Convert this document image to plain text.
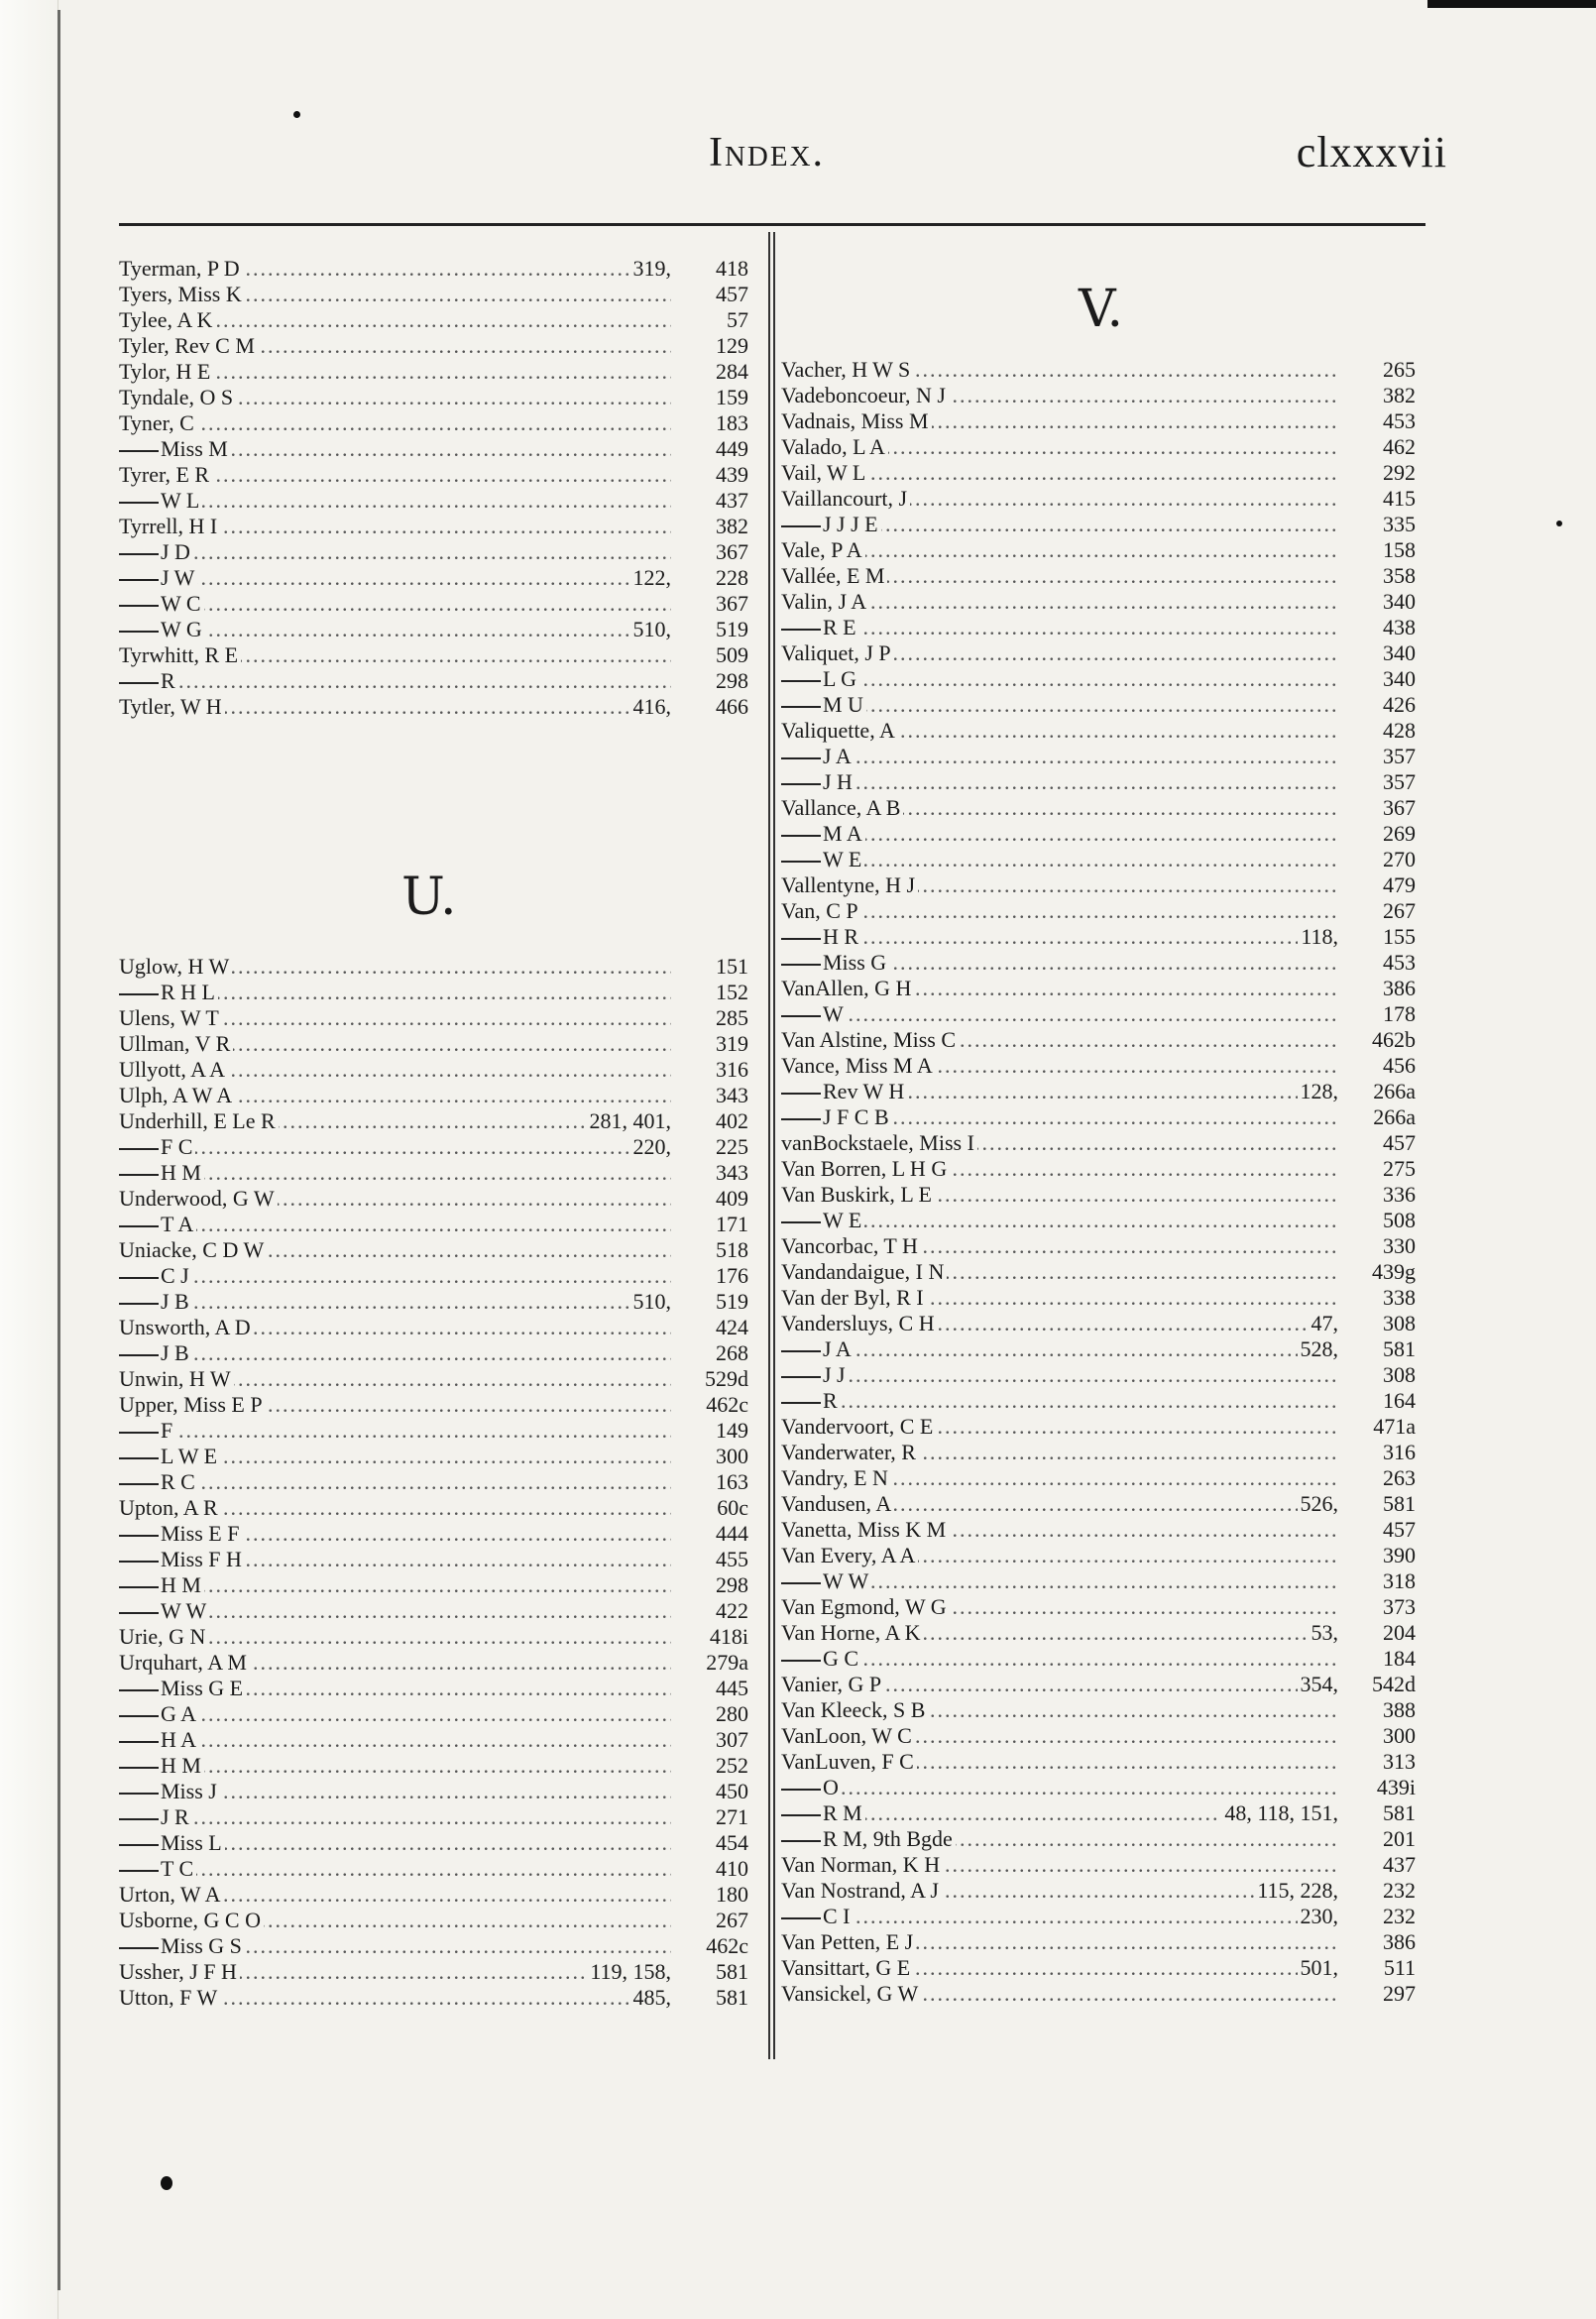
Index.	clxxxvii
U.
.....
Tyerman, P D	319,	418
.....
Tyers, Miss K	457
.....
Tylee, A K	57
.....
Tyler, Rev C M	129
.....
Tylor, H E	284
.....
Tyndale, O S	159
.....
Tyner, C	183
.....
Miss M	449
.....
Tyrer, E R	439
.....
W L	437
.....
Tyrrell, H I	382
.....
J D	367
.....
J W	122,	228
.....
W C	367
.....
W G	510,	519
.....
Tyrwhitt, R E	509
.....
R	298
.....
Tytler, W H	416,	466
.....
Uglow, H W	151
.....
R H L	152
.....
Ulens, W T	285
.....
Ullman, V R	319
.....
Ullyott, A A	316
.....
Ulph, A W A	343
.....
Underhill, E Le R	281, 401,	402
.....
F C	220,	225
.....
H M	343
.....
Underwood, G W	409
.....
T A	171
.....
Uniacke, C D W	518
.....
C J	176
.....
J B	510,	519
.....
Unsworth, A D	424
.....
J B	268
.....
Unwin, H W	529d
.....
Upper, Miss E P	462c
.....
F	149
.....
L W E	300
.....
R C	163
.....
Upton, A R	60c
.....
Miss E F	444
.....
Miss F H	455
.....
H M	298
.....
W W	422
.....
Urie, G N	418i
.....
Urquhart, A M	279a
.....
Miss G E	445
.....
G A	280
.....
H A	307
.....
H M	252
.....
Miss J	450
.....
J R	271
.....
Miss L	454
.....
T C	410
.....
Urton, W A	180
.....
Usborne, G C O	267
.....
Miss G S	462c
.....
Ussher, J F H	119, 158,	581
.....
Utton, F W	485,	581
V.
.....
Vacher, H W S	265
.....
Vadeboncoeur, N J	382
.....
Vadnais, Miss M	453
.....
Valado, L A	462
.....
Vail, W L	292
.....
Vaillancourt, J	415
.....
J J J E	335
.....
Vale, P A	158
.....
Vallée, E M	358
.....
Valin, J A	340
.....
R E	438
.....
Valiquet, J P	340
.....
L G	340
.....
M U	426
.....
Valiquette, A	428
.....
J A	357
.....
J H	357
.....
Vallance, A B	367
.....
M A	269
.....
W E	270
.....
Vallentyne, H J	479
.....
Van, C P	267
.....
H R	118,	155
.....
Miss G	453
.....
VanAllen, G H	386
.....
W	178
.....
Van Alstine, Miss C	462b
.....
Vance, Miss M A	456
.....
Rev W H	128,	266a
.....
J F C B	266a
.....
vanBockstaele, Miss I	457
.....
Van Borren, L H G	275
.....
Van Buskirk, L E	336
.....
W E	508
.....
Vancorbac, T H	330
.....
Vandandaigue, I N	439g
.....
Van der Byl, R I	338
.....
Vandersluys, C H	47,	308
.....
J A	528,	581
.....
J J	308
.....
R	164
.....
Vandervoort, C E	471a
.....
Vanderwater, R	316
.....
Vandry, E N	263
.....
Vandusen, A	526,	581
.....
Vanetta, Miss K M	457
.....
Van Every, A A	390
.....
W W	318
.....
Van Egmond, W G	373
.....
Van Horne, A K	53,	204
.....
G C	184
.....
Vanier, G P	354,	542d
.....
Van Kleeck, S B	388
.....
VanLoon, W C	300
.....
VanLuven, F C	313
.....
O	439i
.....
R M	48, 118, 151,	581
.....
R M, 9th Bgde	201
.....
Van Norman, K H	437
.....
Van Nostrand, A J	115, 228,	232
.....
C I	230,	232
.....
Van Petten, E J	386
.....
Vansittart, G E	501,	511
.....
Vansickel, G W	297
